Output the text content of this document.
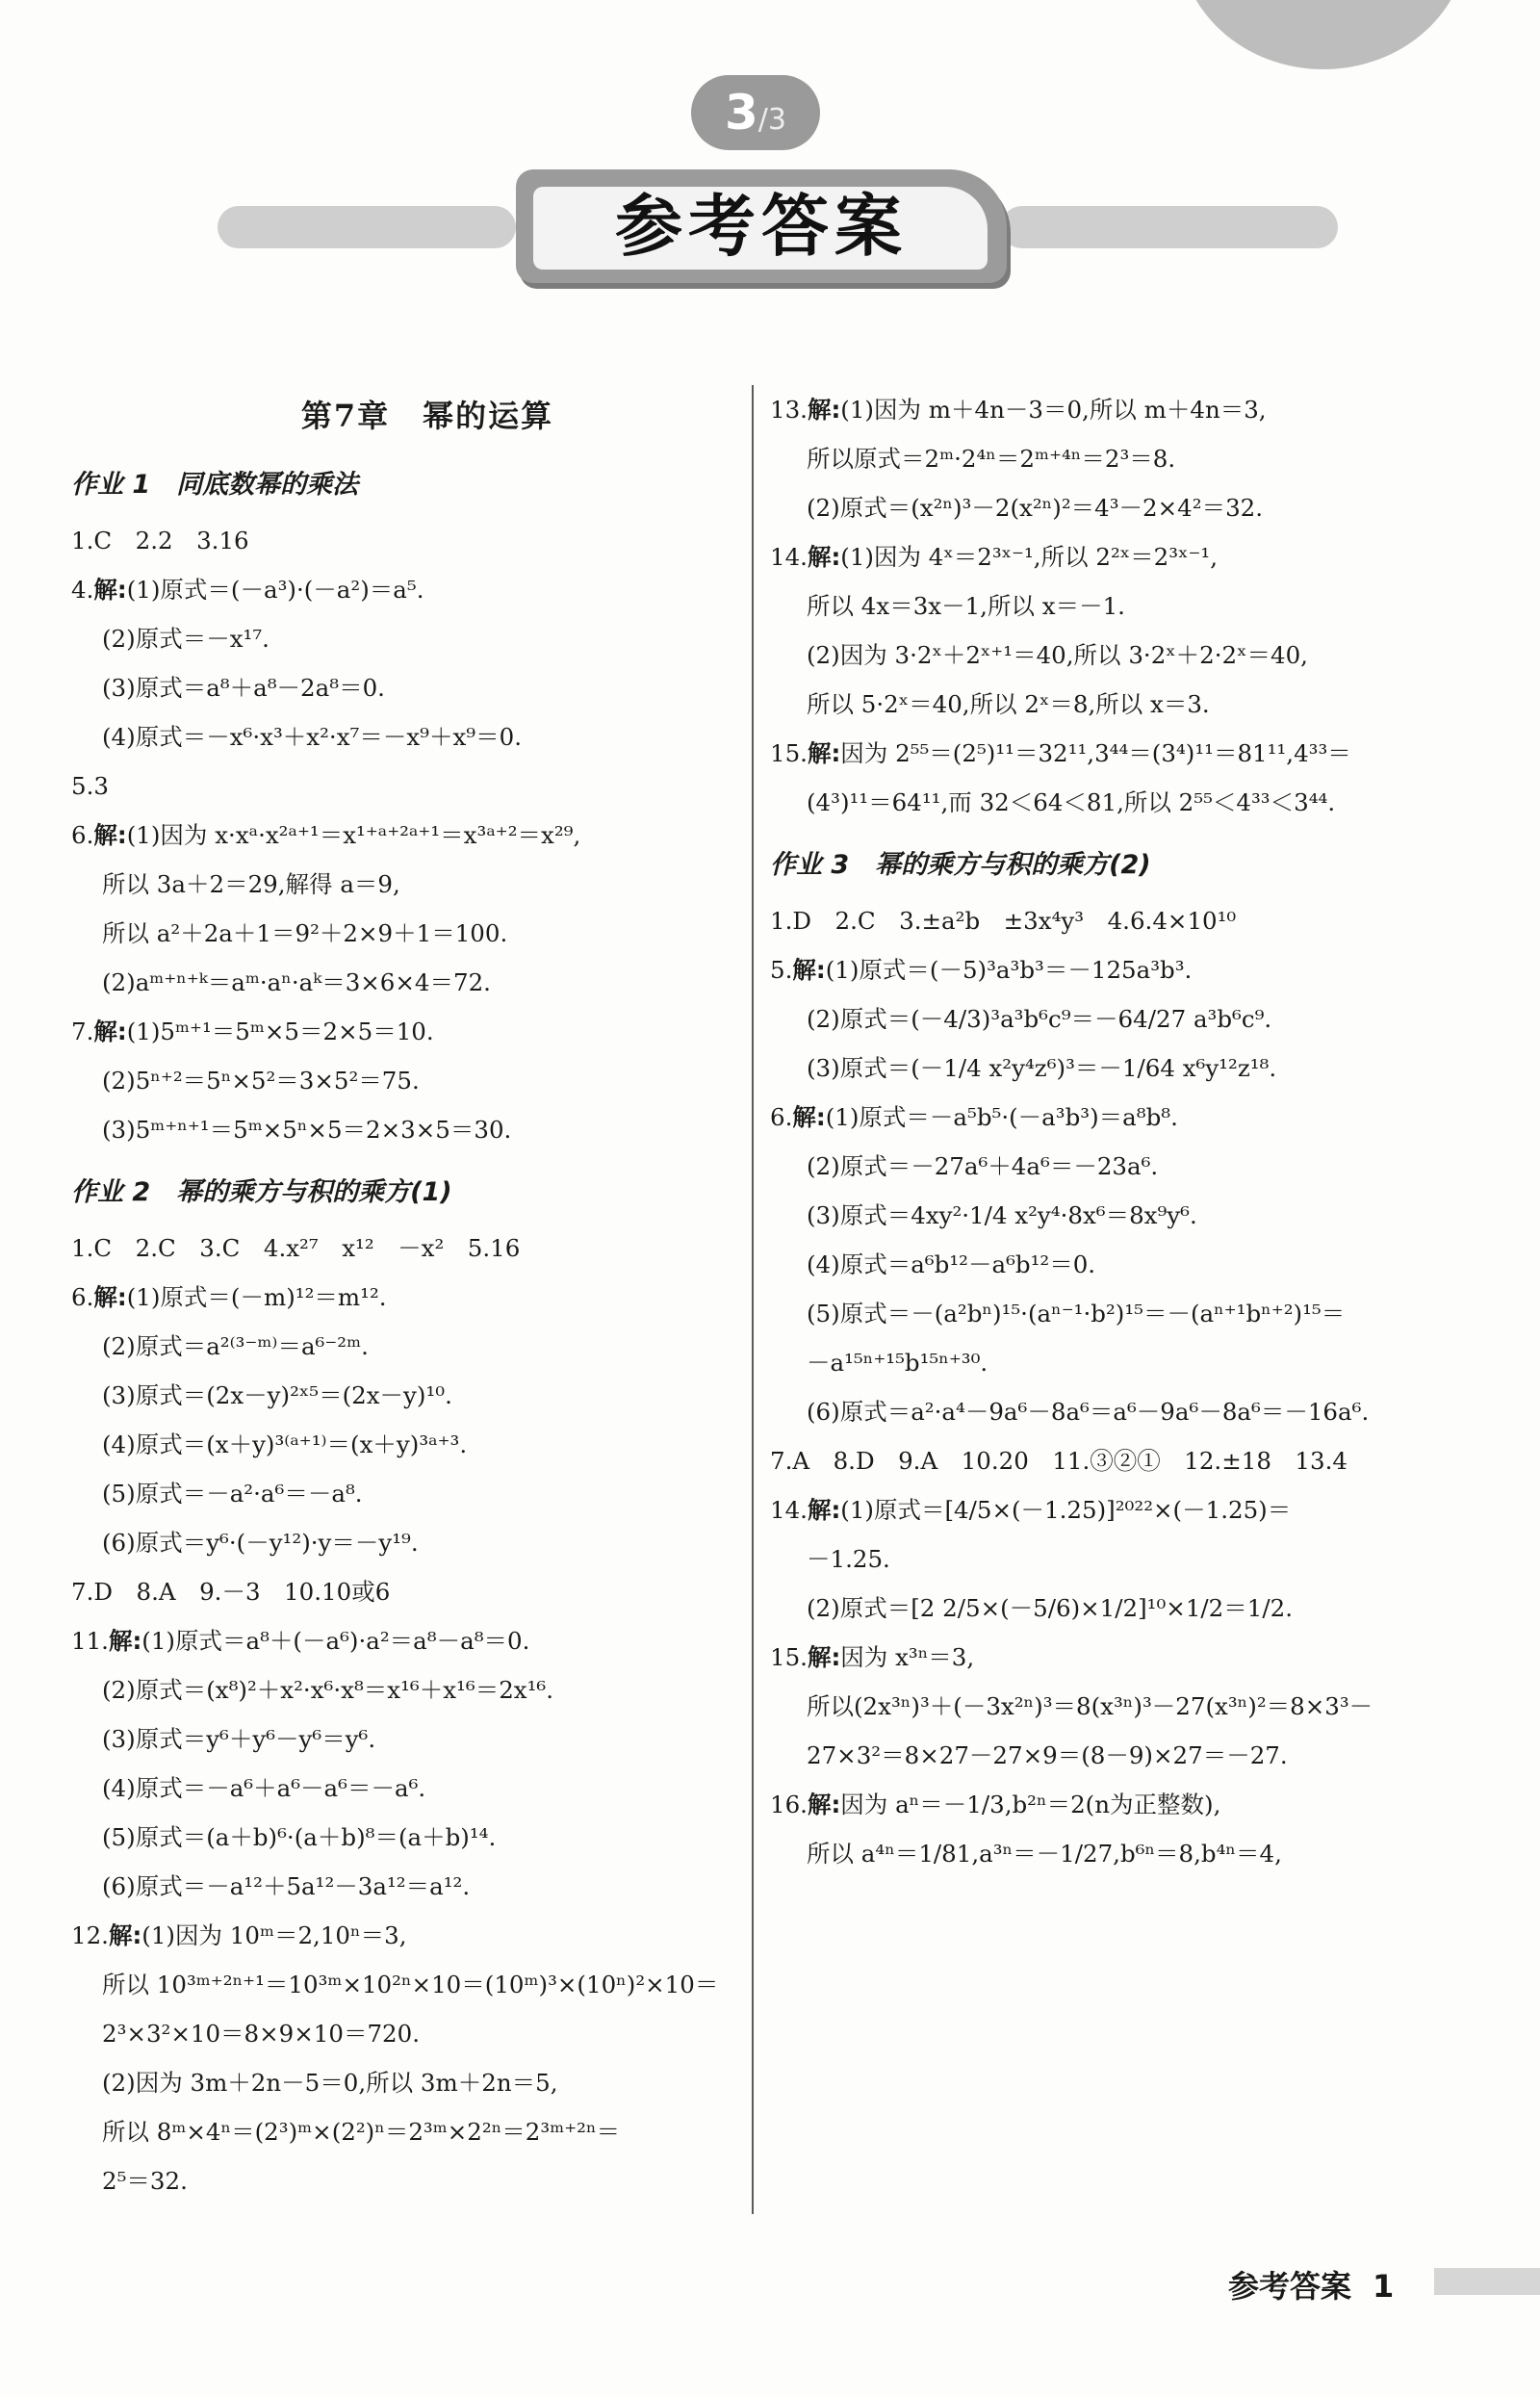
3/3
参考答案
第7章　幂的运算
作业 1　同底数幂的乘法
1.C　2.2　3.16
4.解:(1)原式＝(－a³)·(－a²)＝a⁵.
(2)原式＝－x¹⁷.
(3)原式＝a⁸＋a⁸－2a⁸＝0.
(4)原式＝－x⁶·x³＋x²·x⁷＝－x⁹＋x⁹＝0.
5.3
6.解:(1)因为 x·xᵃ·x²ᵃ⁺¹＝x¹⁺ᵃ⁺²ᵃ⁺¹＝x³ᵃ⁺²＝x²⁹,
所以 3a＋2＝29,解得 a＝9,
所以 a²＋2a＋1＝9²＋2×9＋1＝100.
(2)aᵐ⁺ⁿ⁺ᵏ＝aᵐ·aⁿ·aᵏ＝3×6×4＝72.
7.解:(1)5ᵐ⁺¹＝5ᵐ×5＝2×5＝10.
(2)5ⁿ⁺²＝5ⁿ×5²＝3×5²＝75.
(3)5ᵐ⁺ⁿ⁺¹＝5ᵐ×5ⁿ×5＝2×3×5＝30.
作业 2　幂的乘方与积的乘方(1)
1.C　2.C　3.C　4.x²⁷　x¹²　－x²　5.16
6.解:(1)原式＝(－m)¹²＝m¹².
(2)原式＝a²⁽³⁻ᵐ⁾＝a⁶⁻²ᵐ.
(3)原式＝(2x－y)²ˣ⁵＝(2x－y)¹⁰.
(4)原式＝(x＋y)³⁽ᵃ⁺¹⁾＝(x＋y)³ᵃ⁺³.
(5)原式＝－a²·a⁶＝－a⁸.
(6)原式＝y⁶·(－y¹²)·y＝－y¹⁹.
7.D　8.A　9.－3　10.10或6
11.解:(1)原式＝a⁸＋(－a⁶)·a²＝a⁸－a⁸＝0.
(2)原式＝(x⁸)²＋x²·x⁶·x⁸＝x¹⁶＋x¹⁶＝2x¹⁶.
(3)原式＝y⁶＋y⁶－y⁶＝y⁶.
(4)原式＝－a⁶＋a⁶－a⁶＝－a⁶.
(5)原式＝(a＋b)⁶·(a＋b)⁸＝(a＋b)¹⁴.
(6)原式＝－a¹²＋5a¹²－3a¹²＝a¹².
12.解:(1)因为 10ᵐ＝2,10ⁿ＝3,
所以 10³ᵐ⁺²ⁿ⁺¹＝10³ᵐ×10²ⁿ×10＝(10ᵐ)³×(10ⁿ)²×10＝
2³×3²×10＝8×9×10＝720.
(2)因为 3m＋2n－5＝0,所以 3m＋2n＝5,
所以 8ᵐ×4ⁿ＝(2³)ᵐ×(2²)ⁿ＝2³ᵐ×2²ⁿ＝2³ᵐ⁺²ⁿ＝
2⁵＝32.
13.解:(1)因为 m＋4n－3＝0,所以 m＋4n＝3,
所以原式＝2ᵐ·2⁴ⁿ＝2ᵐ⁺⁴ⁿ＝2³＝8.
(2)原式＝(x²ⁿ)³－2(x²ⁿ)²＝4³－2×4²＝32.
14.解:(1)因为 4ˣ＝2³ˣ⁻¹,所以 2²ˣ＝2³ˣ⁻¹,
所以 4x＝3x－1,所以 x＝－1.
(2)因为 3·2ˣ＋2ˣ⁺¹＝40,所以 3·2ˣ＋2·2ˣ＝40,
所以 5·2ˣ＝40,所以 2ˣ＝8,所以 x＝3.
15.解:因为 2⁵⁵＝(2⁵)¹¹＝32¹¹,3⁴⁴＝(3⁴)¹¹＝81¹¹,4³³＝
(4³)¹¹＝64¹¹,而 32＜64＜81,所以 2⁵⁵＜4³³＜3⁴⁴.
作业 3　幂的乘方与积的乘方(2)
1.D　2.C　3.±a²b　±3x⁴y³　4.6.4×10¹⁰
5.解:(1)原式＝(－5)³a³b³＝－125a³b³.
(2)原式＝(－4/3)³a³b⁶c⁹＝－64/27 a³b⁶c⁹.
(3)原式＝(－1/4 x²y⁴z⁶)³＝－1/64 x⁶y¹²z¹⁸.
6.解:(1)原式＝－a⁵b⁵·(－a³b³)＝a⁸b⁸.
(2)原式＝－27a⁶＋4a⁶＝－23a⁶.
(3)原式＝4xy²·1/4 x²y⁴·8x⁶＝8x⁹y⁶.
(4)原式＝a⁶b¹²－a⁶b¹²＝0.
(5)原式＝－(a²bⁿ)¹⁵·(aⁿ⁻¹·b²)¹⁵＝－(aⁿ⁺¹bⁿ⁺²)¹⁵＝
－a¹⁵ⁿ⁺¹⁵b¹⁵ⁿ⁺³⁰.
(6)原式＝a²·a⁴－9a⁶－8a⁶＝a⁶－9a⁶－8a⁶＝－16a⁶.
7.A　8.D　9.A　10.20　11.③②①　12.±18　13.4
14.解:(1)原式＝[4/5×(－1.25)]²⁰²²×(－1.25)＝
－1.25.
(2)原式＝[2 2/5×(－5/6)×1/2]¹⁰×1/2＝1/2.
15.解:因为 x³ⁿ＝3,
所以(2x³ⁿ)³＋(－3x²ⁿ)³＝8(x³ⁿ)³－27(x³ⁿ)²＝8×3³－
27×3²＝8×27－27×9＝(8－9)×27＝－27.
16.解:因为 aⁿ＝－1/3,b²ⁿ＝2(n为正整数),
所以 a⁴ⁿ＝1/81,a³ⁿ＝－1/27,b⁶ⁿ＝8,b⁴ⁿ＝4,
参考答案 1
